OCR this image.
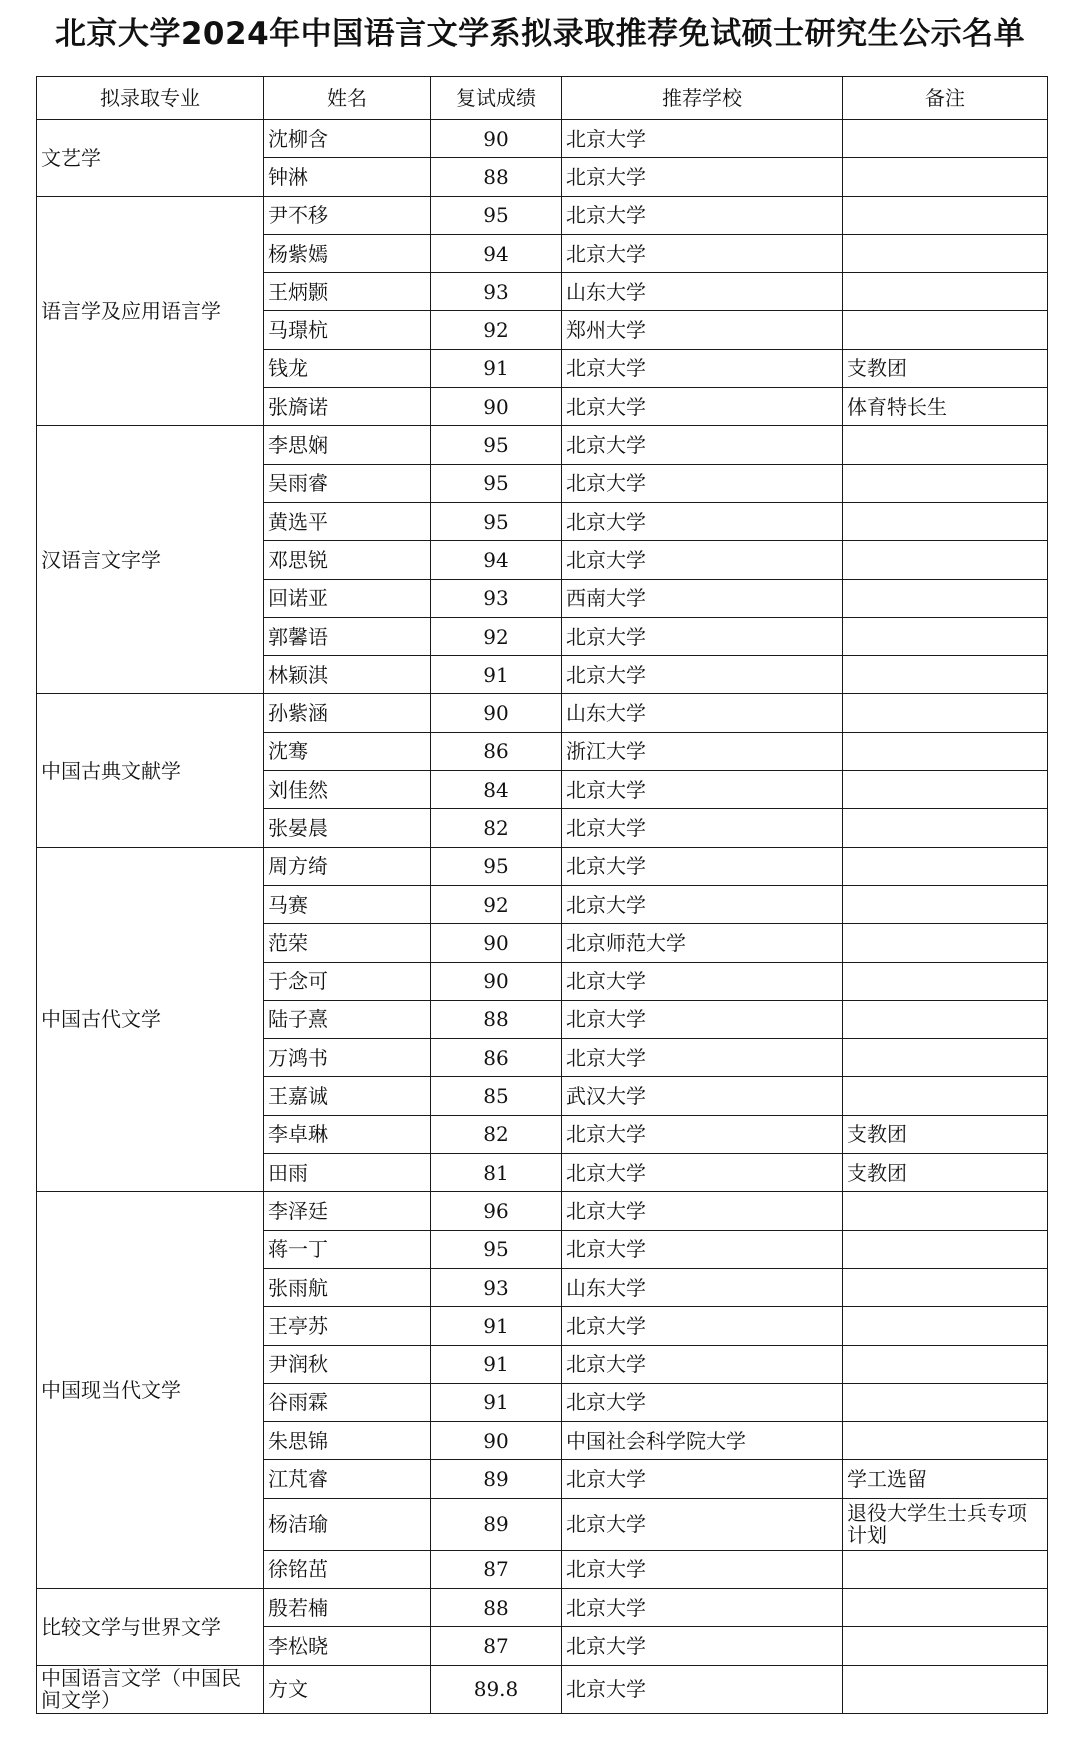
北京大学2024年中国语言文学系拟录取推荐免试硕士研究生公示名单
拟录取专业	姓名	复试成绩	推荐学校	备注
文艺学	沈柳含	90	北京大学	
	钟淋	88	北京大学	
语言学及应用语言学	尹不移	95	北京大学	
	杨紫嫣	94	北京大学	
	王炳颢	93	山东大学	
	马璟杭	92	郑州大学	
	钱龙	91	北京大学	支教团
	张旖诺	90	北京大学	体育特长生
汉语言文字学	李思娴	95	北京大学	
	吴雨睿	95	北京大学	
	黄选平	95	北京大学	
	邓思锐	94	北京大学	
	回诺亚	93	西南大学	
	郭馨语	92	北京大学	
	林颖淇	91	北京大学	
中国古典文献学	孙紫涵	90	山东大学	
	沈骞	86	浙江大学	
	刘佳然	84	北京大学	
	张晏晨	82	北京大学	
中国古代文学	周方绮	95	北京大学	
	马赛	92	北京大学	
	范荣	90	北京师范大学	
	于念可	90	北京大学	
	陆子熹	88	北京大学	
	万鸿书	86	北京大学	
	王嘉诚	85	武汉大学	
	李卓琳	82	北京大学	支教团
	田雨	81	北京大学	支教团
中国现当代文学	李泽廷	96	北京大学	
	蒋一丁	95	北京大学	
	张雨航	93	山东大学	
	王亭苏	91	北京大学	
	尹润秋	91	北京大学	
	谷雨霖	91	北京大学	
	朱思锦	90	中国社会科学院大学	
	江芃睿	89	北京大学	学工选留
	杨洁瑜	89	北京大学	退役大学生士兵专项计划
	徐铭茁	87	北京大学	
比较文学与世界文学	殷若楠	88	北京大学	
	李松晓	87	北京大学	
中国语言文学（中国民间文学）	方文	89.8	北京大学	
